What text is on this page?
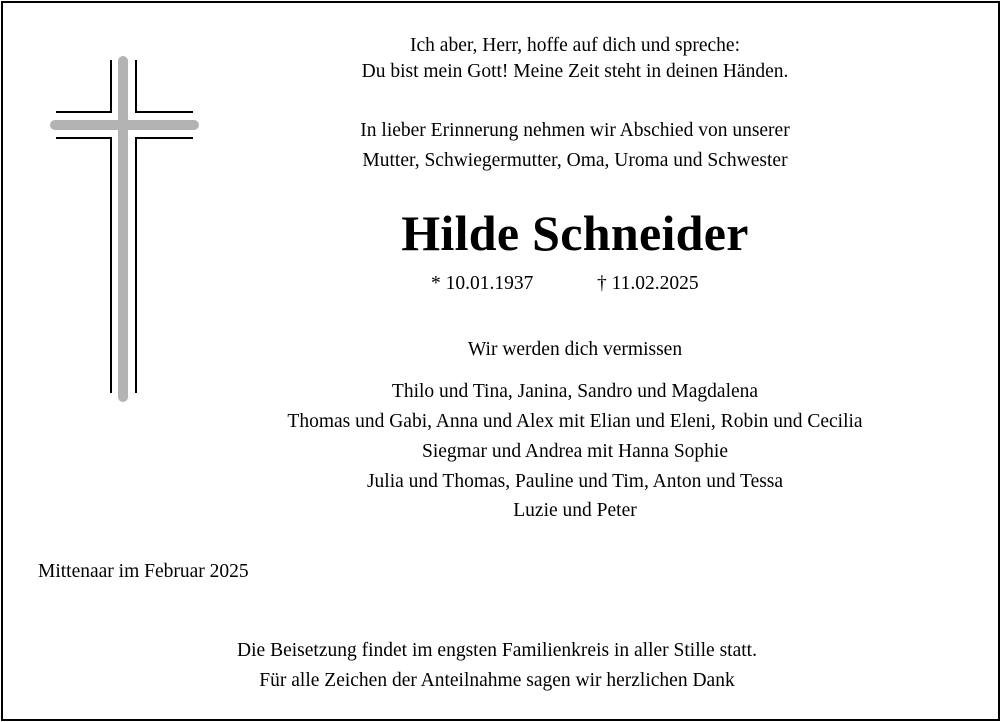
Ich aber, Herr, hoffe auf dich und spreche:
Du bist mein Gott! Meine Zeit steht in deinen Händen.
In lieber Erinnerung nehmen wir Abschied von unserer
Mutter, Schwiegermutter, Oma, Uroma und Schwester
Hilde Schneider
* 10.01.1937	† 11.02.2025
Wir werden dich vermissen
Thilo und Tina, Janina, Sandro und Magdalena
Thomas und Gabi, Anna und Alex mit Elian und Eleni, Robin und Cecilia
Siegmar und Andrea mit Hanna Sophie
Julia und Thomas, Pauline und Tim, Anton und Tessa
Luzie und Peter
Mittenaar im Februar 2025
Die Beisetzung findet im engsten Familienkreis in aller Stille statt.
Für alle Zeichen der Anteilnahme sagen wir herzlichen Dank
